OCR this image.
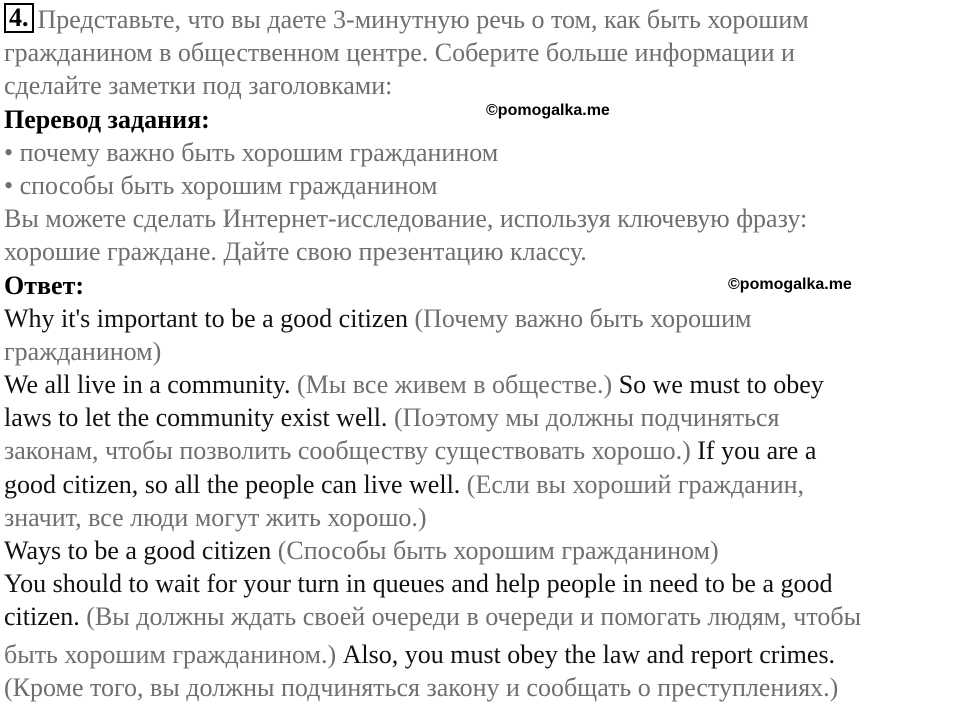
4. Представьте, что вы даете 3-минутную речь о том, как быть хорошим
гражданином в общественном центре. Соберите больше информации и
сделайте заметки под заголовками:
Перевод задания:
• почему важно быть хорошим гражданином
• способы быть хорошим гражданином
Вы можете сделать Интернет-исследование, используя ключевую фразу:
хорошие граждане. Дайте свою презентацию классу.
Ответ:
Why it's important to be a good citizen (Почему важно быть хорошим
гражданином)
We all live in a community. (Мы все живем в обществе.) So we must to obey
laws to let the community exist well. (Поэтому мы должны подчиняться
законам, чтобы позволить сообществу существовать хорошо.) If you are a
good citizen, so all the people can live well. (Если вы хороший гражданин,
значит, все люди могут жить хорошо.)
Ways to be a good citizen (Способы быть хорошим гражданином)
You should to wait for your turn in queues and help people in need to be a good
citizen. (Вы должны ждать своей очереди в очереди и помогать людям, чтобы
быть хорошим гражданином.) Also, you must obey the law and report crimes.
(Кроме того, вы должны подчиняться закону и сообщать о преступлениях.)
©pomogalka.me
©pomogalka.me
